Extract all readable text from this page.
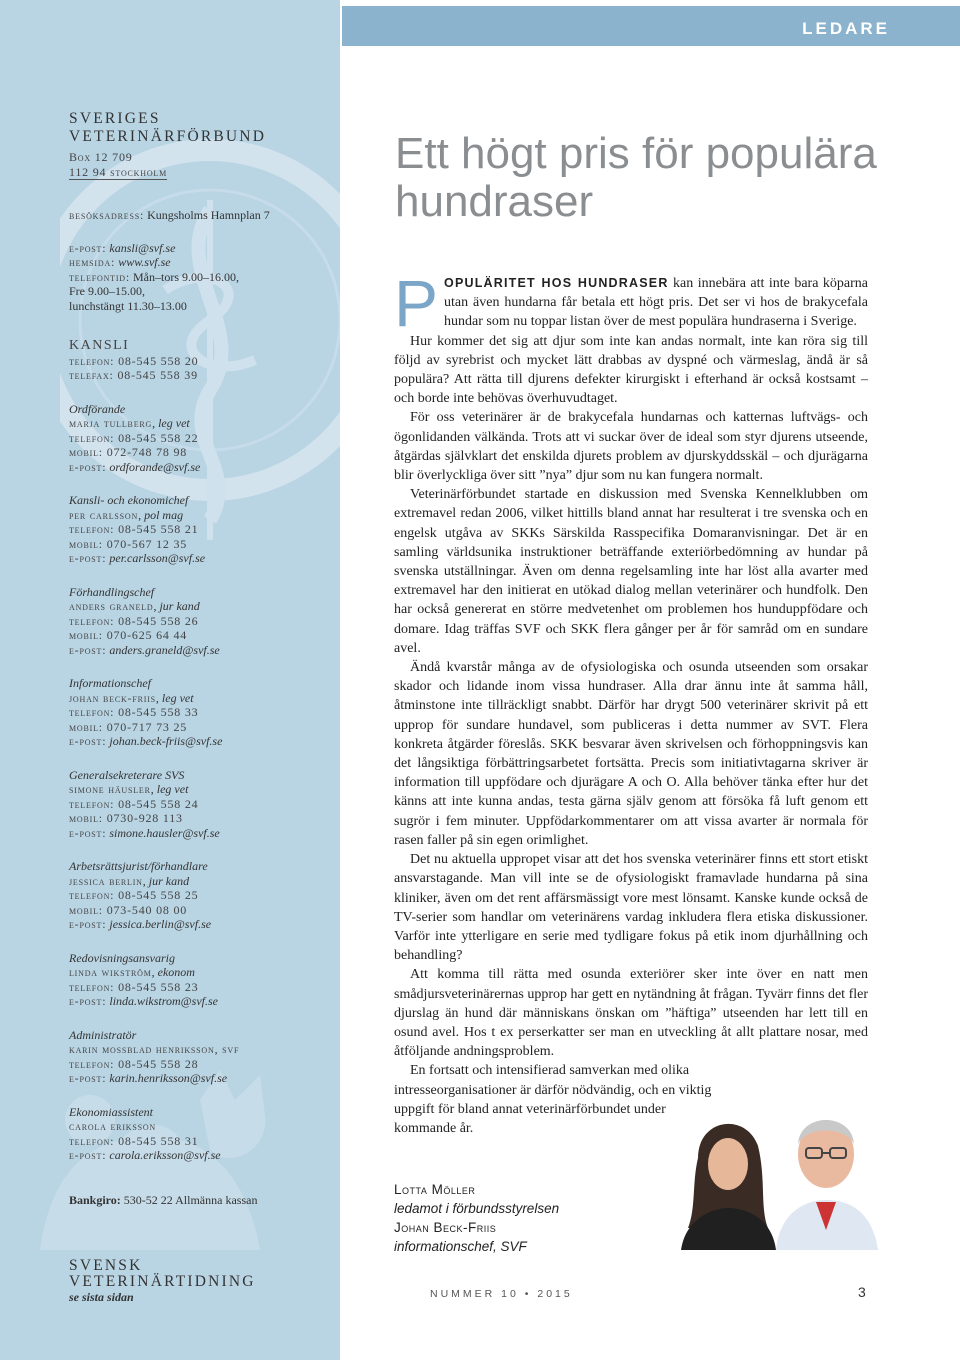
SVERIGES
VETERINÄRFÖRBUND
Box 12 709
112 94 stockholm
besöksadress: Kungsholms Hamnplan 7
e-post: kansli@svf.se
hemsida: www.svf.se
telefontid: Mån–tors 9.00–16.00,
Fre 9.00–15.00,
lunchstängt 11.30–13.00
KANSLI
telefon: 08-545 558 20
telefax: 08-545 558 39
Ordförande
marja tullberg, leg vet
telefon: 08-545 558 22
mobil: 072-748 78 98
e-post: ordforande@svf.se
Kansli- och ekonomichef
per carlsson, pol mag
telefon: 08-545 558 21
mobil: 070-567 12 35
e-post: per.carlsson@svf.se
Förhandlingschef
anders graneld, jur kand
telefon: 08-545 558 26
mobil: 070-625 64 44
e-post: anders.graneld@svf.se
Informationschef
johan beck-friis, leg vet
telefon: 08-545 558 33
mobil: 070-717 73 25
e-post: johan.beck-friis@svf.se
Generalsekreterare SVS
simone häusler, leg vet
telefon: 08-545 558 24
mobil: 0730-928 113
e-post: simone.hausler@svf.se
Arbetsrättsjurist/förhandlare
jessica berlin, jur kand
telefon: 08-545 558 25
mobil: 073-540 08 00
e-post: jessica.berlin@svf.se
Redovisningsansvarig
linda wikström, ekonom
telefon: 08-545 558 23
e-post: linda.wikstrom@svf.se
Administratör
karin mossblad henriksson, svf
telefon: 08-545 558 28
e-post: karin.henriksson@svf.se
Ekonomiassistent
carola eriksson
telefon: 08-545 558 31
e-post: carola.eriksson@svf.se
Bankgiro: 530-52 22 Allmänna kassan
SVENSK
VETERINÄRTIDNING
se sista sidan
LEDARE
Ett högt pris för populära hundraser

POPULÄRITET HOS HUNDRASER kan innebära att inte bara köparna utan även hundarna får betala ett högt pris. Det ser vi hos de brakycefala hundar som nu toppar listan över de mest populära hundraserna i Sverige.

Hur kommer det sig att djur som inte kan andas normalt, inte kan röra sig till följd av syrebrist och mycket lätt drabbas av dyspné och värmeslag, ändå är så populära? Att rätta till djurens defekter kirurgiskt i efterhand är också kostsamt – och borde inte behövas överhuvudtaget.

För oss veterinärer är de brakycefala hundarnas och katternas luftvägs- och ögonlidanden välkända. Trots att vi suckar över de ideal som styr djurens utseende, åtgärdas självklart det enskilda djurets problem av djurskyddsskäl – och djurägarna blir överlyckliga över sitt ”nya” djur som nu kan fungera normalt.

Veterinärförbundet startade en diskussion med Svenska Kennelklubben om extremavel redan 2006, vilket hittills bland annat har resulterat i tre svenska och en engelsk utgåva av SKKs Särskilda Rasspecifika Domaranvisningar. Det är en samling världsunika instruktioner beträffande exteriörbedömning av hundar på svenska utställningar. Även om denna regelsamling inte har löst alla avarter med extremavel har den initierat en utökad dialog mellan veterinärer och hundfolk. Den har också genererat en större medvetenhet om problemen hos hunduppfödare och domare. Idag träffas SVF och SKK flera gånger per år för samråd om en sundare avel.

Ändå kvarstår många av de ofysiologiska och osunda utseenden som orsakar skador och lidande inom vissa hundraser. Alla drar ännu inte åt samma håll, åtminstone inte tillräckligt snabbt. Därför har drygt 500 veterinärer skrivit på ett upprop för sundare hundavel, som publiceras i detta nummer av SVT. Flera konkreta åtgärder föreslås. SKK besvarar även skrivelsen och förhoppningsvis kan det långsiktiga förbättringsarbetet fortsätta. Precis som initiativtagarna skriver är information till uppfödare och djurägare A och O. Alla behöver tänka efter hur det känns att inte kunna andas, testa gärna själv genom att försöka få luft genom ett sugrör i fem minuter. Uppfödarkommentarer om att vissa avarter är normala för rasen faller på sin egen orimlighet.

Det nu aktuella uppropet visar att det hos svenska veterinärer finns ett stort etiskt ansvarstagande. Man vill inte se de ofysiologiskt framavlade hundarna på sina kliniker, även om det rent affärsmässigt vore mest lönsamt. Kanske kunde också de TV-serier som handlar om veterinärens vardag inkludera flera etiska diskussioner. Varför inte ytterligare en serie med tydligare fokus på etik inom djurhållning och behandling?

Att komma till rätta med osunda exteriörer sker inte över en natt men smådjursveterinärernas upprop har gett en nytändning åt frågan. Tyvärr finns det fler djurslag än hund där människans önskan om ”häftiga” utseenden har lett till en osund avel. Hos t ex perserkatter ser man en utveckling åt allt plattare nosar, med åtföljande andningsproblem.

En fortsatt och intensifierad samverkan med olika intresseorganisationer är därför nödvändig, och en viktig uppgift för bland annat veterinärförbundet under kommande år.

Lotta Möller
ledamot i förbundsstyrelsen
Johan Beck-Friis
informationschef, SVF
NUMMER 10 • 2015	3
